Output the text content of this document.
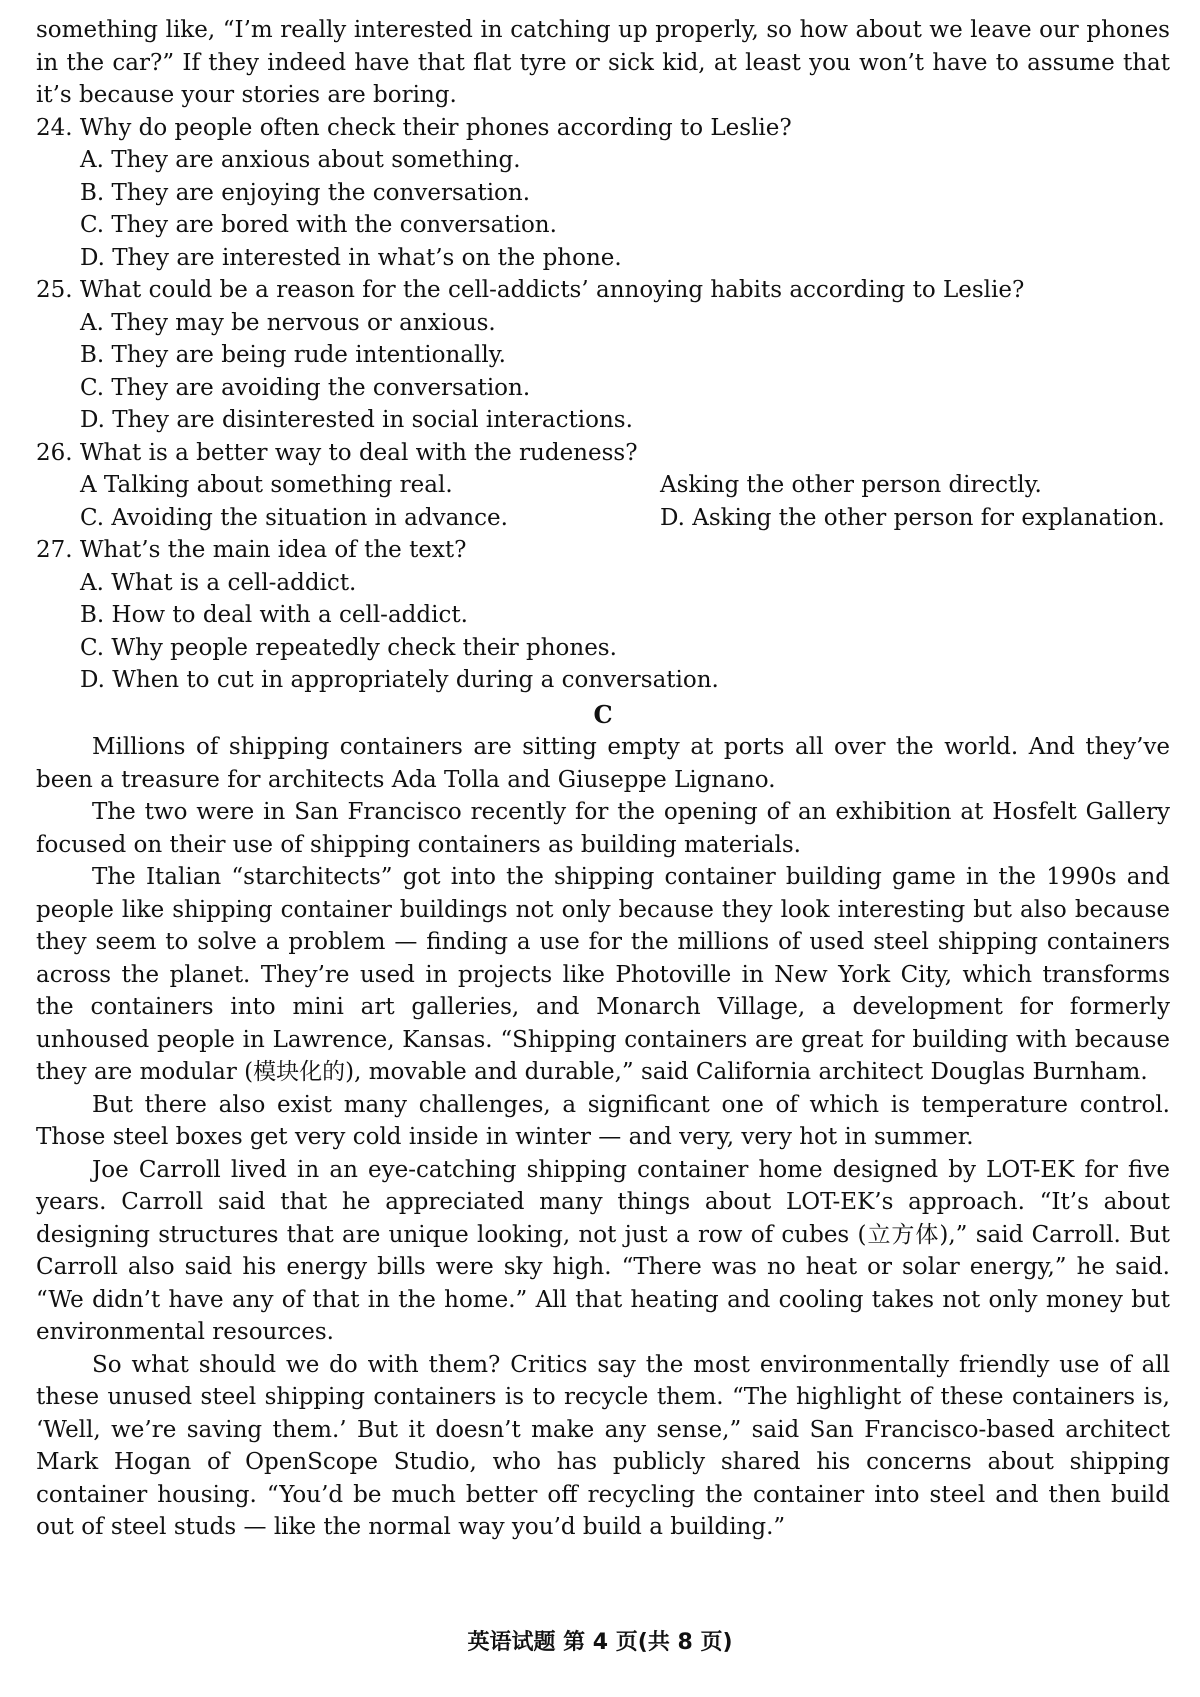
something like, “I’m really interested in catching up properly, so how about we leave our phones in the car?” If they indeed have that flat tyre or sick kid, at least you won’t have to assume that it’s because your stories are boring.

24. Why do people often check their phones according to Leslie?

A. They are anxious about something.

B. They are enjoying the conversation.

C. They are bored with the conversation.

D. They are interested in what’s on the phone.

25. What could be a reason for the cell-addicts’ annoying habits according to Leslie?

A. They may be nervous or anxious.

B. They are being rude intentionally.

C. They are avoiding the conversation.

D. They are disinterested in social interactions.

26. What is a better way to deal with the rudeness?

A Talking about something real.	Asking the other person directly.

C. Avoiding the situation in advance.	D. Asking the other person for explanation.

27. What’s the main idea of the text?

A. What is a cell-addict.

B. How to deal with a cell-addict.

C. Why people repeatedly check their phones.

D. When to cut in appropriately during a conversation.

C

Millions of shipping containers are sitting empty at ports all over the world. And they’ve been a treasure for architects Ada Tolla and Giuseppe Lignano.

The two were in San Francisco recently for the opening of an exhibition at Hosfelt Gallery focused on their use of shipping containers as building materials.

The Italian “starchitects” got into the shipping container building game in the 1990s and people like shipping container buildings not only because they look interesting but also because they seem to solve a problem — finding a use for the millions of used steel shipping containers across the planet. They’re used in projects like Photoville in New York City, which transforms the containers into mini art galleries, and Monarch Village, a development for formerly unhoused people in Lawrence, Kansas. “Shipping containers are great for building with because they are modular (模块化的), movable and durable,” said California architect Douglas Burnham.

But there also exist many challenges, a significant one of which is temperature control. Those steel boxes get very cold inside in winter — and very, very hot in summer.

Joe Carroll lived in an eye-catching shipping container home designed by LOT-EK for five years. Carroll said that he appreciated many things about LOT-EK’s approach. “It’s about designing structures that are unique looking, not just a row of cubes (立方体),” said Carroll. But Carroll also said his energy bills were sky high. “There was no heat or solar energy,” he said. “We didn’t have any of that in the home.” All that heating and cooling takes not only money but environmental resources.

So what should we do with them? Critics say the most environmentally friendly use of all these unused steel shipping containers is to recycle them. “The highlight of these containers is, ‘Well, we’re saving them.’ But it doesn’t make any sense,” said San Francisco-based architect Mark Hogan of OpenScope Studio, who has publicly shared his concerns about shipping container housing. “You’d be much better off recycling the container into steel and then build out of steel studs — like the normal way you’d build a building.”

英语试题 第 4 页(共 8 页)
